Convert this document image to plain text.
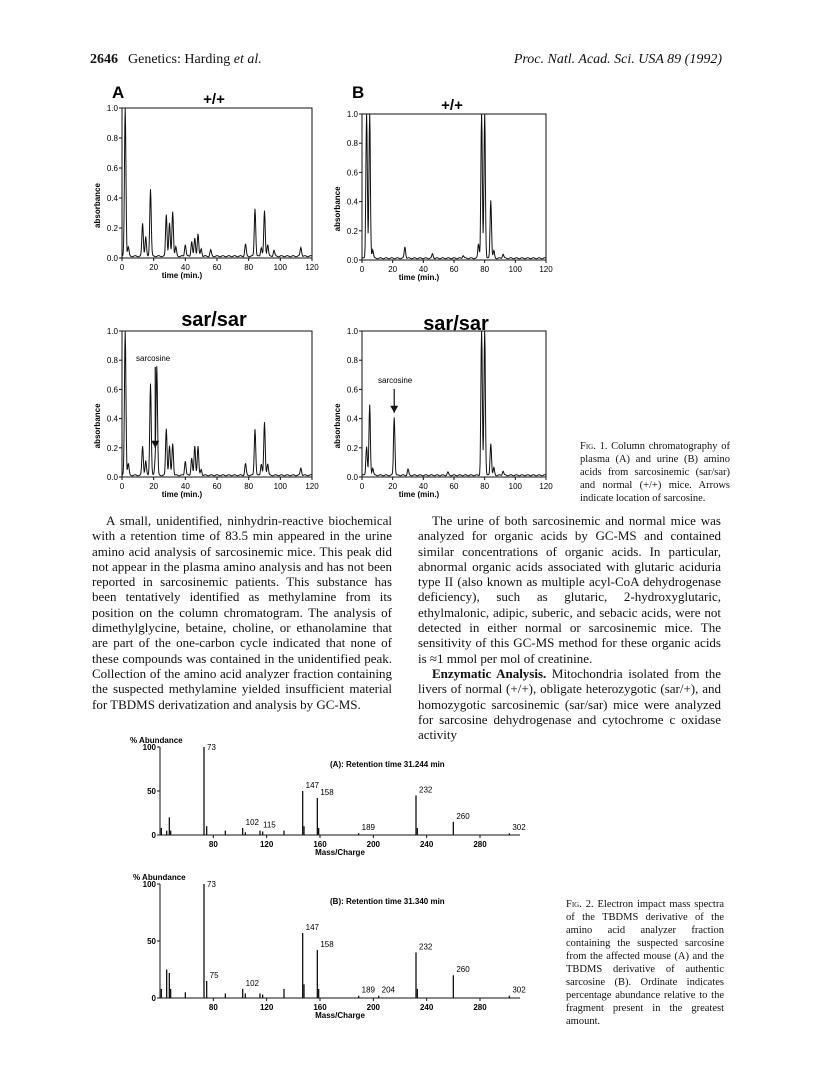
2646 Genetics: Harding et al.	Proc. Natl. Acad. Sci. USA 89 (1992)
A	B
+/+	+/+
sar/sar	sar/sar
0.0
0.2
0.4
0.6
0.8
1.0
0	20	40	60	80	100 120
time (min.)
absorbance
0.0
0.2
0.4
0.6
0.8
1.0
0	20	40	60	80 100 120
time (min.)
absorbance
0.0
0.2
0.4
0.6
0.8
1.0
0	20	40	60	80	100 120
time (min.)
absorbance
sarcosine
0.0
0.2
0.4
0.6
0.8
1.0
0	20	40	60	80 100 120
time (min.)
absorbance
sarcosine
Fig. 1. Column chromatography of plasma (A) and urine (B) amino acids from sarcosinemic (sar/sar) and normal (+/+) mice. Arrows indicate location of sarcosine.
A small, unidentified, ninhydrin-reactive biochemical with a retention time of 83.5 min appeared in the urine amino acid analysis of sarcosinemic mice. This peak did not appear in the plasma amino analysis and has not been reported in sarcosinemic patients. This substance has been tentatively identified as methylamine from its position on the column chromatogram. The analysis of dimethylglycine, betaine, choline, or ethanolamine that are part of the one-carbon cycle indicated that none of these compounds was contained in the unidentified peak. Collection of the amino acid analyzer fraction containing the suspected methylamine yielded insufficient material for TBDMS derivatization and analysis by GC-MS.
The urine of both sarcosinemic and normal mice was analyzed for organic acids by GC-MS and contained similar concentrations of organic acids. In particular, abnormal organic acids associated with glutaric aciduria type II (also known as multiple acyl-CoA dehydrogenase deficiency), such as glutaric, 2-hydroxyglutaric, ethylmalonic, adipic, suberic, and sebacic acids, were not detected in either normal or sarcosinemic mice. The sensitivity of this GC-MS method for these organic acids is ≈1 mmol per mol of creatinine.
Enzymatic Analysis. Mitochondria isolated from the livers of normal (+/+), obligate heterozygotic (sar/+), and homozygotic sarcosinemic (sar/sar) mice were analyzed for sarcosine dehydrogenase and cytochrome c oxidase activity
% Abundance
0
50
100
80	120	160	200	240	280
Mass/Charge
(A): Retention time 31.244 min
73
102 115
147
158
189
232
260
302
% Abundance
0
50
100
80	120	160	200	240	280
Mass/Charge
(B): Retention time 31.340 min
73
75
102
147
158
189 204
232
260
302
Fig. 2. Electron impact mass spectra of the TBDMS derivative of the amino acid analyzer fraction containing the suspected sarcosine from the affected mouse (A) and the TBDMS derivative of authentic sarcosine (B). Ordinate indicates percentage abundance relative to the fragment present in the greatest amount.
